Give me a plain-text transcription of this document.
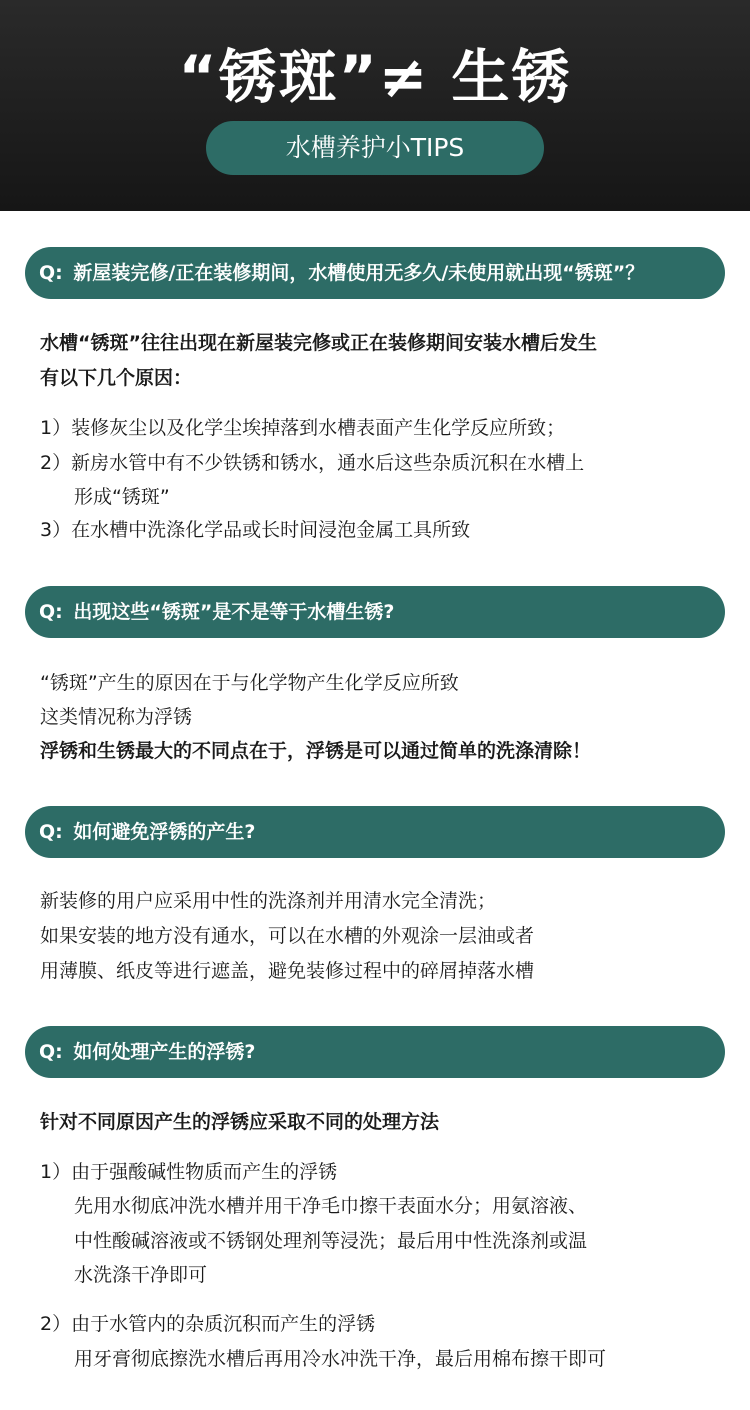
“锈斑”≠ 生锈
水槽养护小TIPS
Q: 新屋装完修/正在装修期间，水槽使用无多久/未使用就出现“锈斑”？
水槽“锈斑”往往出现在新屋装完修或正在装修期间安装水槽后发生
有以下几个原因：
1）装修灰尘以及化学尘埃掉落到水槽表面产生化学反应所致；
2）新房水管中有不少铁锈和锈水，通水后这些杂质沉积在水槽上
形成“锈斑”
3）在水槽中洗涤化学品或长时间浸泡金属工具所致
Q: 出现这些“锈斑”是不是等于水槽生锈?
“锈斑”产生的原因在于与化学物产生化学反应所致
这类情况称为浮锈
浮锈和生锈最大的不同点在于，浮锈是可以通过简单的洗涤清除！
Q: 如何避免浮锈的产生?
新装修的用户应采用中性的洗涤剂并用清水完全清洗；
如果安装的地方没有通水，可以在水槽的外观涂一层油或者
用薄膜、纸皮等进行遮盖，避免装修过程中的碎屑掉落水槽
Q: 如何处理产生的浮锈?
针对不同原因产生的浮锈应采取不同的处理方法
1）由于强酸碱性物质而产生的浮锈
先用水彻底冲洗水槽并用干净毛巾擦干表面水分；用氨溶液、
中性酸碱溶液或不锈钢处理剂等浸洗；最后用中性洗涤剂或温
水洗涤干净即可
2）由于水管内的杂质沉积而产生的浮锈
用牙膏彻底擦洗水槽后再用冷水冲洗干净，最后用棉布擦干即可
